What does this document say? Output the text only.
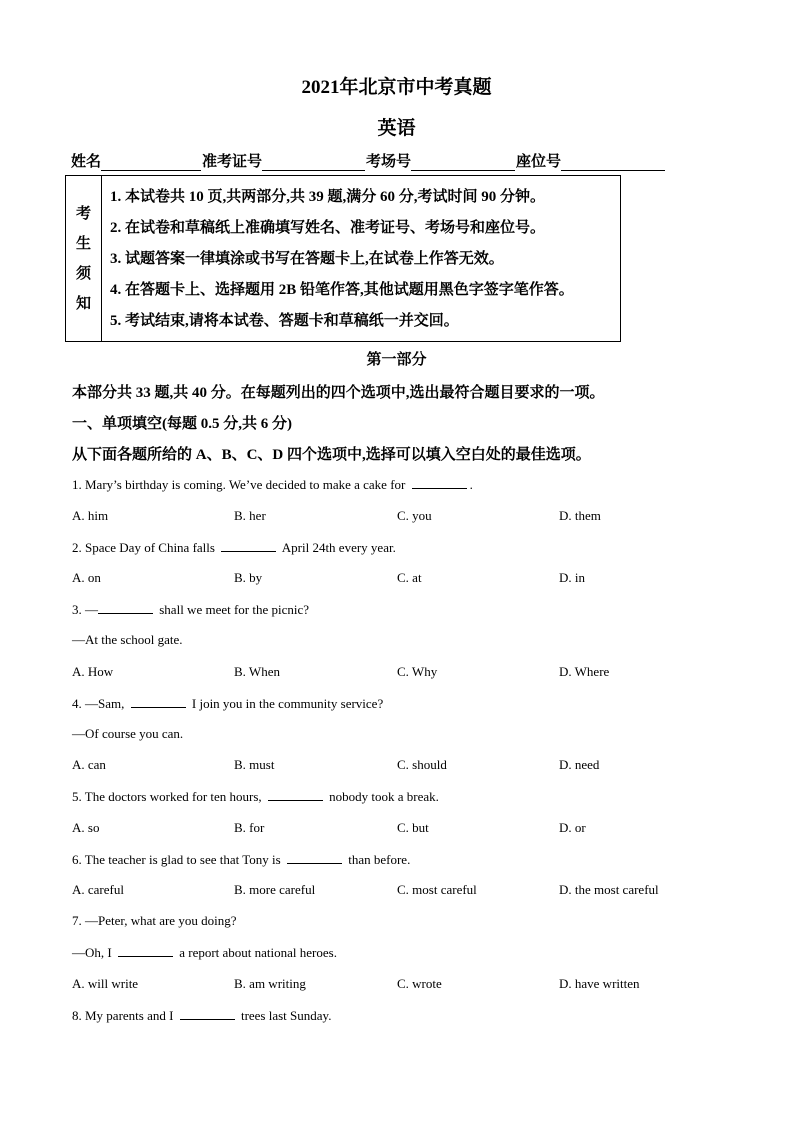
2021年北京市中考真题
英语
姓名	准考证号	考场号	座位号
考
生
须
知
1. 本试卷共 10 页,共两部分,共 39 题,满分 60 分,考试时间 90 分钟。
2. 在试卷和草稿纸上准确填写姓名、准考证号、考场号和座位号。
3. 试题答案一律填涂或书写在答题卡上,在试卷上作答无效。
4. 在答题卡上、选择题用 2B 铅笔作答,其他试题用黑色字签字笔作答。
5. 考试结束,请将本试卷、答题卡和草稿纸一并交回。
第一部分
本部分共 33 题,共 40 分。在每题列出的四个选项中,选出最符合题目要求的一项。
一、单项填空(每题 0.5 分,共 6 分)
从下面各题所给的 A、B、C、D 四个选项中,选择可以填入空白处的最佳选项。
1. Mary’s birthday is coming. We’ve decided to make a cake for	.
A. him	B. her	C. you	D. them
2. Space Day of China falls	April 24th every year.
A. on	B. by	C. at	D. in
3. —	shall we meet for the picnic?
—At the school gate.
A. How	B. When	C. Why	D. Where
4. —Sam,	I join you in the community service?
—Of course you can.
A. can	B. must	C. should	D. need
5. The doctors worked for ten hours,	nobody took a break.
A. so	B. for	C. but	D. or
6. The teacher is glad to see that Tony is	than before.
A. careful	B. more careful	C. most careful	D. the most careful
7. —Peter, what are you doing?
—Oh, I	a report about national heroes.
A. will write	B. am writing	C. wrote	D. have written
8. My parents and I	trees last Sunday.
